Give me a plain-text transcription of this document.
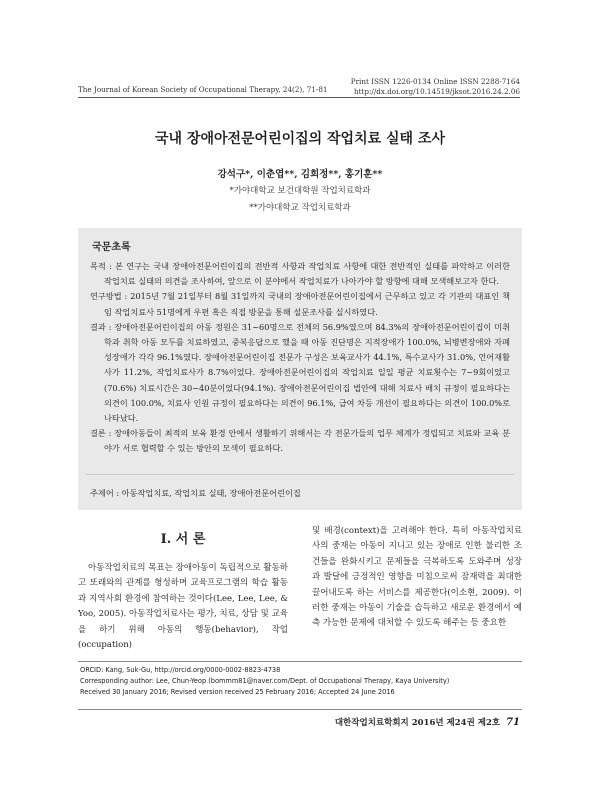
The Journal of Korean Society of Occupational Therapy, 24(2), 71-81
Print ISSN 1226-0134 Online ISSN 2288-7164
http://dx.doi.org/10.14519/jksot.2016.24.2.06
국내 장애아전문어린이집의 작업치료 실태 조사
강석구*, 이춘엽**, 김희정**, 홍기훈**
*가야대학교 보건대학원 작업치료학과
**가야대학교 작업치료학과
국문초록

목적 : 본 연구는 국내 장애아전문어린이집의 전반적 사항과 작업치료 사항에 대한 전반적인 실태를 파악하고 이러한 작업치료 실태의 의견을 조사하여, 앞으로 이 분야에서 작업치료가 나아가야 할 방향에 대해 모색해보고자 한다.

연구방법 : 2015년 7월 21일부터 8월 31일까지 국내의 장애아전문어린이집에서 근무하고 있고 각 기관의 대표인 책임 작업치료사 51명에게 우편 혹은 직접 방문을 통해 설문조사를 실시하였다.

결과 : 장애아전문어린이집의 아동 정원은 31~60명으로 전체의 56.9%였으며 84.3%의 장애아전문어린이집이 미취학과 취학 아동 모두를 치료하였고, 중복응답으로 했을 때 아동 진단명은 지적장애가 100.0%, 뇌병변장애와 자폐성장애가 각각 96.1%였다. 장애아전문어린이집 전문가 구성은 보육교사가 44.1%, 특수교사가 31.0%, 언어재활사가 11.2%, 작업치료사가 8.7%이었다. 장애아전문어린이집의 작업치료 일일 평균 치료횟수는 7~9회이었고(70.6%) 치료시간은 30~40분이었다(94.1%). 장애아전문어린이집 법안에 대해 치료사 배치 규정이 필요하다는 의견이 100.0%, 치료사 인원 규정이 필요하다는 의견이 96.1%, 급여 차등 개선이 필요하다는 의견이 100.0%로 나타났다.

결론 : 장애아동들이 최적의 보육 환경 안에서 생활하기 위해서는 각 전문가들의 업무 체계가 정립되고 치료와 교육 분야가 서로 협력할 수 있는 방안의 모색이 필요하다.

주제어 : 아동작업치료, 작업치료 실태, 장애아전문어린이집

Ⅰ. 서 론

아동작업치료의 목표는 장애아동이 독립적으로 활동하고 또래와의 관계를 형성하며 교육프로그램의 학습 활동과 지역사회 환경에 참여하는 것이다(Lee, Lee, Lee, & Yoo, 2005). 아동작업치료사는 평가, 치료, 상담 및 교육을 하기 위해 아동의 행동(behavior), 작업(occupation)

및 배경(context)을 고려해야 한다. 특히 아동작업치료사의 중재는 아동이 지니고 있는 장애로 인한 불리한 조건들을 완화시키고 문제들을 극복하도록 도와주며 성장과 발달에 긍정적인 영향을 미침으로써 잠재력을 최대한 끌어내도록 하는 서비스를 제공한다(이소현, 2009). 이러한 중재는 아동이 기술을 습득하고 새로운 환경에서 예측 가능한 문제에 대처할 수 있도록 해주는 등 중요한

ORCID: Kang, Suk-Gu, http://orcid.org/0000-0002-8823-4738
Corresponding author: Lee, Chun-Yeop (bommm81@naver.com/Dept. of Occupational Therapy, Kaya University)
Received 30 January 2016; Revised version received 25 February 2016; Accepted 24 June 2016
대한작업치료학회지 2016년 제24권 제2호 71
